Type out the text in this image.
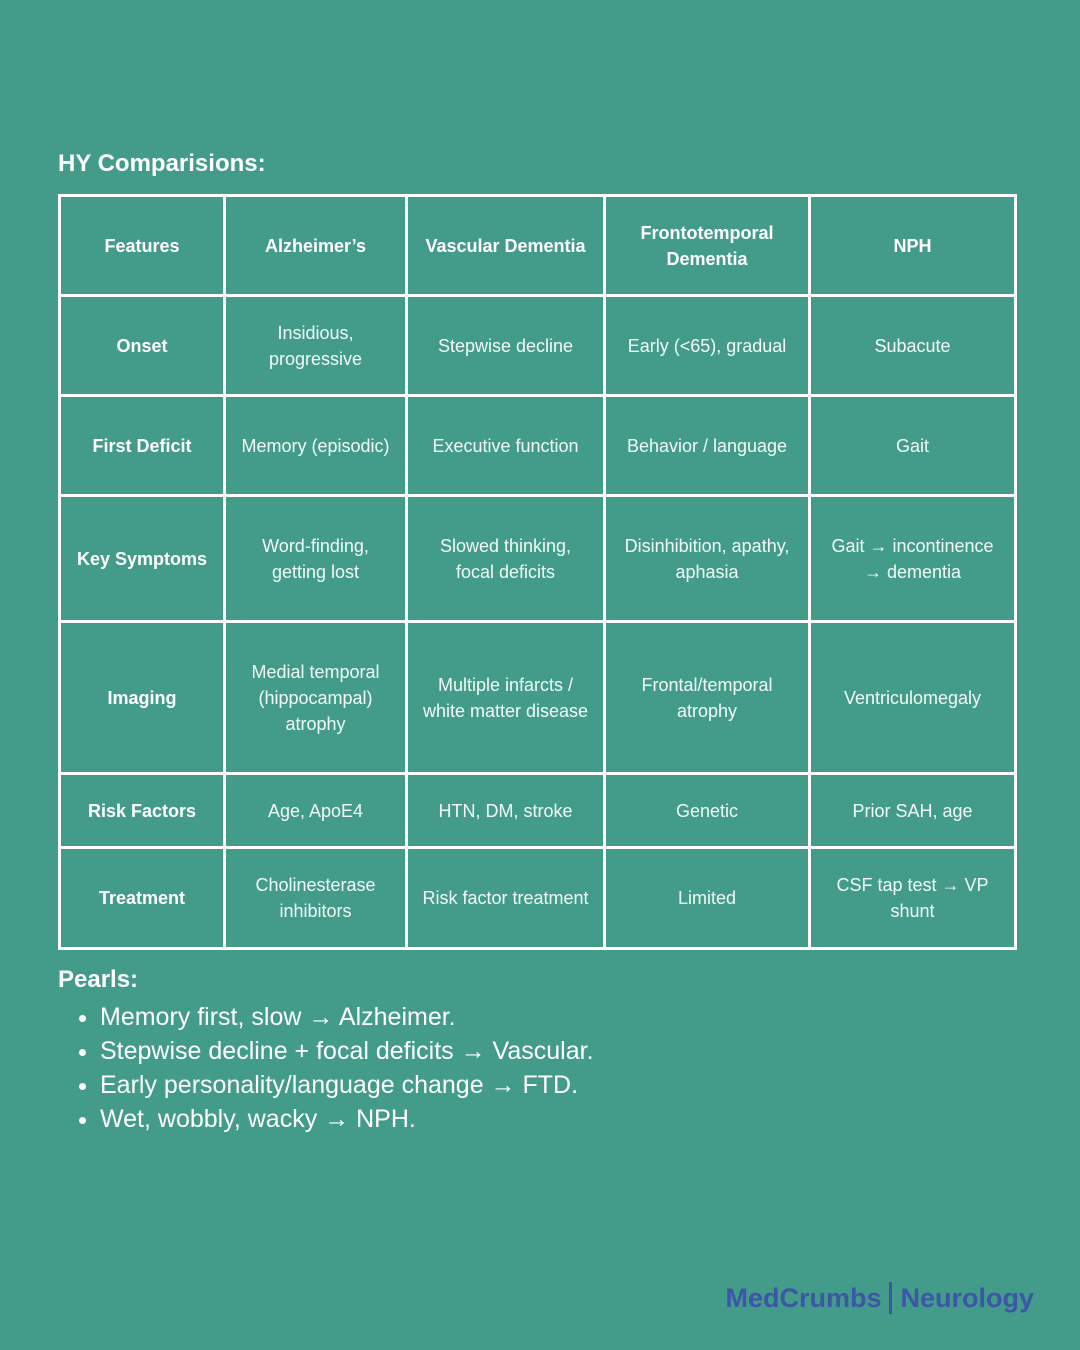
HY Comparisions:
Features	Alzheimer’s	Vascular Dementia	Frontotemporal Dementia	NPH
Onset	Insidious, progressive	Stepwise decline	Early (<65), gradual	Subacute
First Deficit	Memory (episodic)	Executive function	Behavior / language	Gait
Key Symptoms	Word-finding, getting lost	Slowed thinking, focal deficits	Disinhibition, apathy, aphasia	Gait → incontinence → dementia
Imaging	Medial temporal (hippocampal) atrophy	Multiple infarcts / white matter disease	Frontal/temporal atrophy	Ventriculomegaly
Risk Factors	Age, ApoE4	HTN, DM, stroke	Genetic	Prior SAH, age
Treatment	Cholinesterase inhibitors	Risk factor treatment	Limited	CSF tap test → VP shunt
Pearls:
• Memory first, slow → Alzheimer.
• Stepwise decline + focal deficits → Vascular.
• Early personality/language change → FTD.
• Wet, wobbly, wacky → NPH.
MedCrumbs Neurology
